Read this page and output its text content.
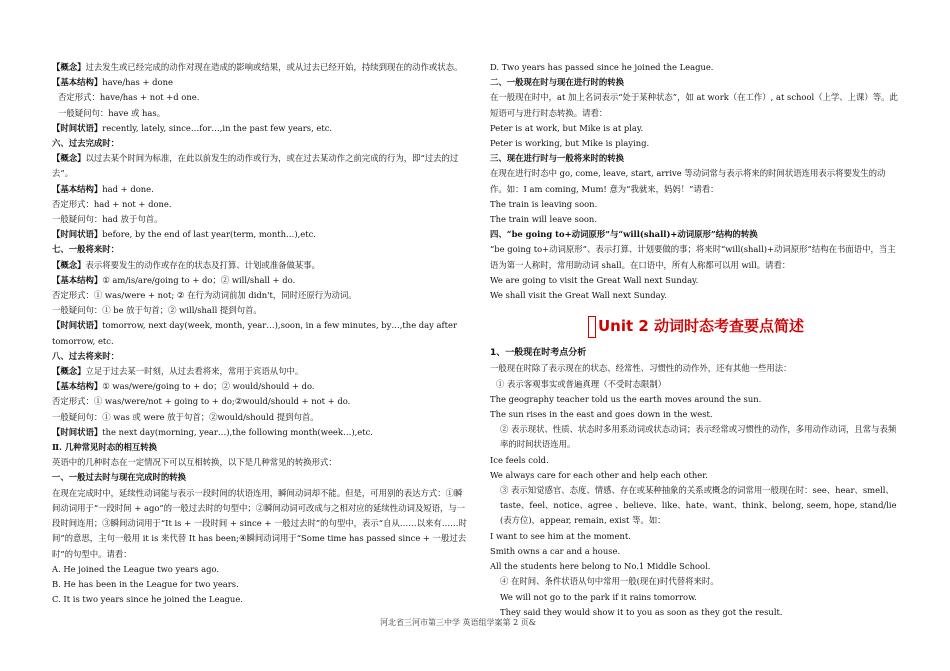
【概念】过去发生或已经完成的动作对现在造成的影响或结果，或从过去已经开始，持续到现在的动作或状态。

【基本结构】have/has + done

否定形式：have/has + not +d one.

一般疑问句：have 或 has。

【时间状语】recently, lately, since…for…,in the past few years, etc.

六、过去完成时：

【概念】以过去某个时间为标准，在此以前发生的动作或行为，或在过去某动作之前完成的行为，即“过去的过去”。

【基本结构】had + done.

否定形式：had + not + done.

一般疑问句：had 放于句首。

【时间状语】before, by the end of last year(term, month…),etc.

七、一般将来时：

【概念】表示将要发生的动作或存在的状态及打算、计划或准备做某事。

【基本结构】① am/is/are/going to + do；② will/shall + do.

否定形式：① was/were + not; ② 在行为动词前加 didn't，同时还原行为动词。

一般疑问句：① be 放于句首；② will/shall 提到句首。

【时间状语】tomorrow, next day(week, month, year…),soon, in a few minutes, by…,the day after tomorrow, etc.

八、过去将来时：

【概念】立足于过去某一时刻，从过去看将来，常用于宾语从句中。

【基本结构】① was/were/going to + do；② would/should + do.

否定形式：① was/were/not + going to + do;②would/should + not + do.

一般疑问句：① was 或 were 放于句首；②would/should 提到句首。

【时间状语】the next day(morning, year…),the following month(week…),etc.

Ⅱ. 几种常见时态的相互转换

英语中的几种时态在一定情况下可以互相转换，以下是几种常见的转换形式：

一、一般过去时与现在完成时的转换

在现在完成时中，延续性动词能与表示一段时间的状语连用，瞬间动词却不能。但是，可用别的表达方式：①瞬间动词用于“一段时间 + ago”的一般过去时的句型中；②瞬间动词可改成与之相对应的延续性动词及短语，与一段时间连用；③瞬间动词用于“It is + 一段时间 + since + 一般过去时”的句型中，表示“自从……以来有……时间”的意思，主句一般用 it is 来代替 It has been;④瞬间动词用于“Some time has passed since + 一般过去时”的句型中。请看：

A. He joined the League two years ago.

B. He has been in the League for two years.

C. It is two years since he joined the League.

D. Two years has passed since he joined the League.

二、一般现在时与现在进行时的转换

在一般现在时中，at 加上名词表示“处于某种状态”，如 at work（在工作）, at school（上学、上课）等。此短语可与进行时态转换。请看：

Peter is at work, but Mike is at play.

Peter is working, but Mike is playing.

三、现在进行时与一般将来时的转换

在现在进行时态中 go, come, leave, start, arrive 等动词常与表示将来的时间状语连用表示将要发生的动作。如：I am coming, Mum! 意为“我就来，妈妈！”请看：

The train is leaving soon.

The train will leave soon.

四、“be going to+动词原形”与“will(shall)+动词原形”结构的转换

“be going to+动词原形”、表示打算、计划要做的事；将来时“will(shall)+动词原形”结构在书面语中，当主语为第一人称时，常用助动词 shall。在口语中，所有人称都可以用 will。请看：

We are going to visit the Great Wall next Sunday.

We shall visit the Great Wall next Sunday.

Unit 2 动词时态考查要点简述

1、一般现在时考点分析

一般现在时除了表示现在的状态、经常性、习惯性的动作外，还有其他一些用法：

① 表示客观事实或普遍真理（不受时态限制）

The geography teacher told us the earth moves around the sun.

The sun rises in the east and goes down in the west.

② 表示现状、性质、状态时多用系动词或状态动词；表示经常或习惯性的动作，多用动作动词，且常与表频率的时间状语连用。

Ice feels cold.

We always care for each other and help each other.

③ 表示知觉感官、态度、情感、存在或某种抽象的关系或概念的词常用一般现在时：see、hear、smell、taste、feel、notice、agree 、believe、like、hate、want、think、belong, seem, hope, stand/lie (表方位)，appear, remain, exist 等。如：

I want to see him at the moment.

Smith owns a car and a house.

All the students here belong to No.1 Middle School.

④ 在时间、条件状语从句中常用一般(现在)时代替将来时。

We will not go to the park if it rains tomorrow.

They said they would show it to you as soon as they got the result.

河北省三河市第三中学 英语组学案第 2 页&
